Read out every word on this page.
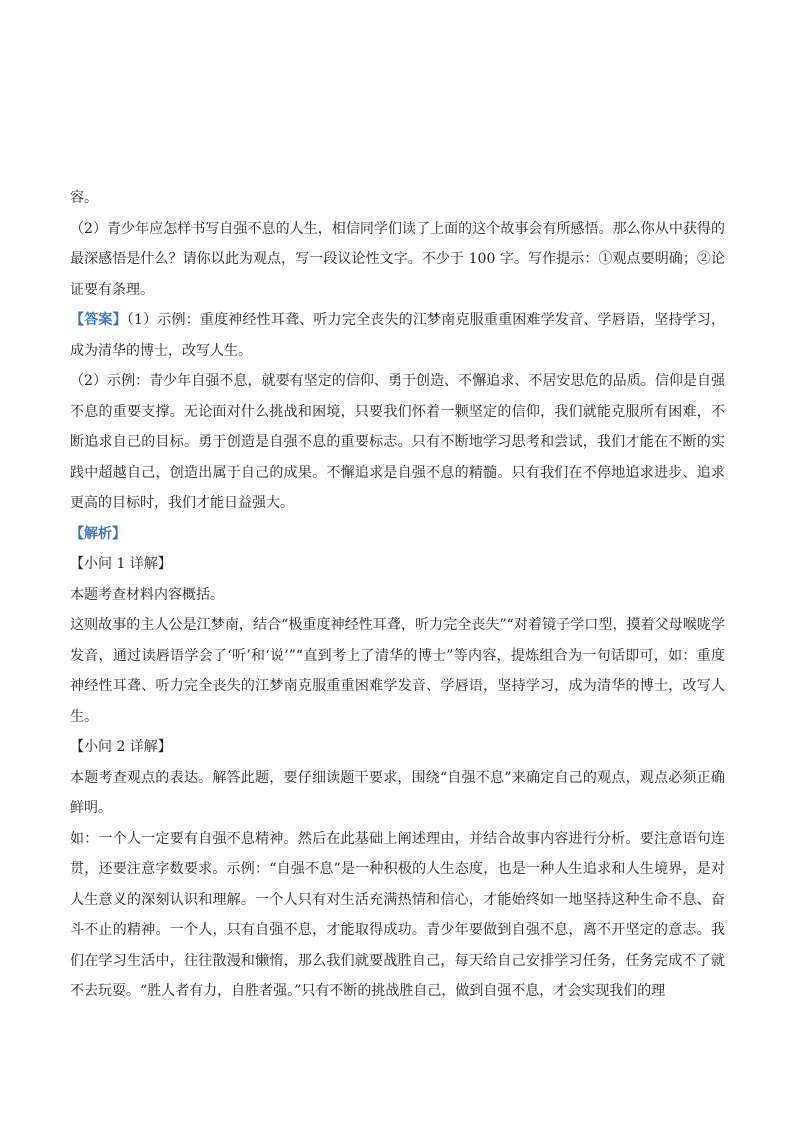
容。

（2）青少年应怎样书写自强不息的人生，相信同学们读了上面的这个故事会有所感悟。那么你从中获得的最深感悟是什么？请你以此为观点，写一段议论性文字。不少于 100 字。写作提示：①观点要明确；②论证要有条理。

【答案】（1）示例：重度神经性耳聋、听力完全丧失的江梦南克服重重困难学发音、学唇语，坚持学习，成为清华的博士，改写人生。

（2）示例：青少年自强不息，就要有坚定的信仰、勇于创造、不懈追求、不居安思危的品质。信仰是自强不息的重要支撑。无论面对什么挑战和困境，只要我们怀着一颗坚定的信仰，我们就能克服所有困难，不断追求自己的目标。勇于创造是自强不息的重要标志。只有不断地学习思考和尝试，我们才能在不断的实践中超越自己，创造出属于自己的成果。不懈追求是自强不息的精髓。只有我们在不停地追求进步、追求更高的目标时，我们才能日益强大。

【解析】

【小问 1 详解】

本题考查材料内容概括。

这则故事的主人公是江梦南，结合“极重度神经性耳聋，听力完全丧失”“对着镜子学口型，摸着父母喉咙学发音，通过读唇语学会了‘听’和‘说’”“直到考上了清华的博士”等内容，提炼组合为一句话即可，如：重度神经性耳聋、听力完全丧失的江梦南克服重重困难学发音、学唇语，坚持学习，成为清华的博士，改写人生。

【小问 2 详解】

本题考查观点的表达。解答此题，要仔细读题干要求，围绕“自强不息”来确定自己的观点，观点必须正确鲜明。

如：一个人一定要有自强不息精神。然后在此基础上阐述理由，并结合故事内容进行分析。要注意语句连贯，还要注意字数要求。示例：“自强不息”是一种积极的人生态度，也是一种人生追求和人生境界，是对人生意义的深刻认识和理解。一个人只有对生活充满热情和信心，才能始终如一地坚持这种生命不息、奋斗不止的精神。一个人，只有自强不息，才能取得成功。青少年要做到自强不息，离不开坚定的意志。我们在学习生活中，往往散漫和懒惰，那么我们就要战胜自己，每天给自己安排学习任务，任务完成不了就不去玩耍。“胜人者有力，自胜者强。”只有不断的挑战胜自己，做到自强不息，才会实现我们的理
